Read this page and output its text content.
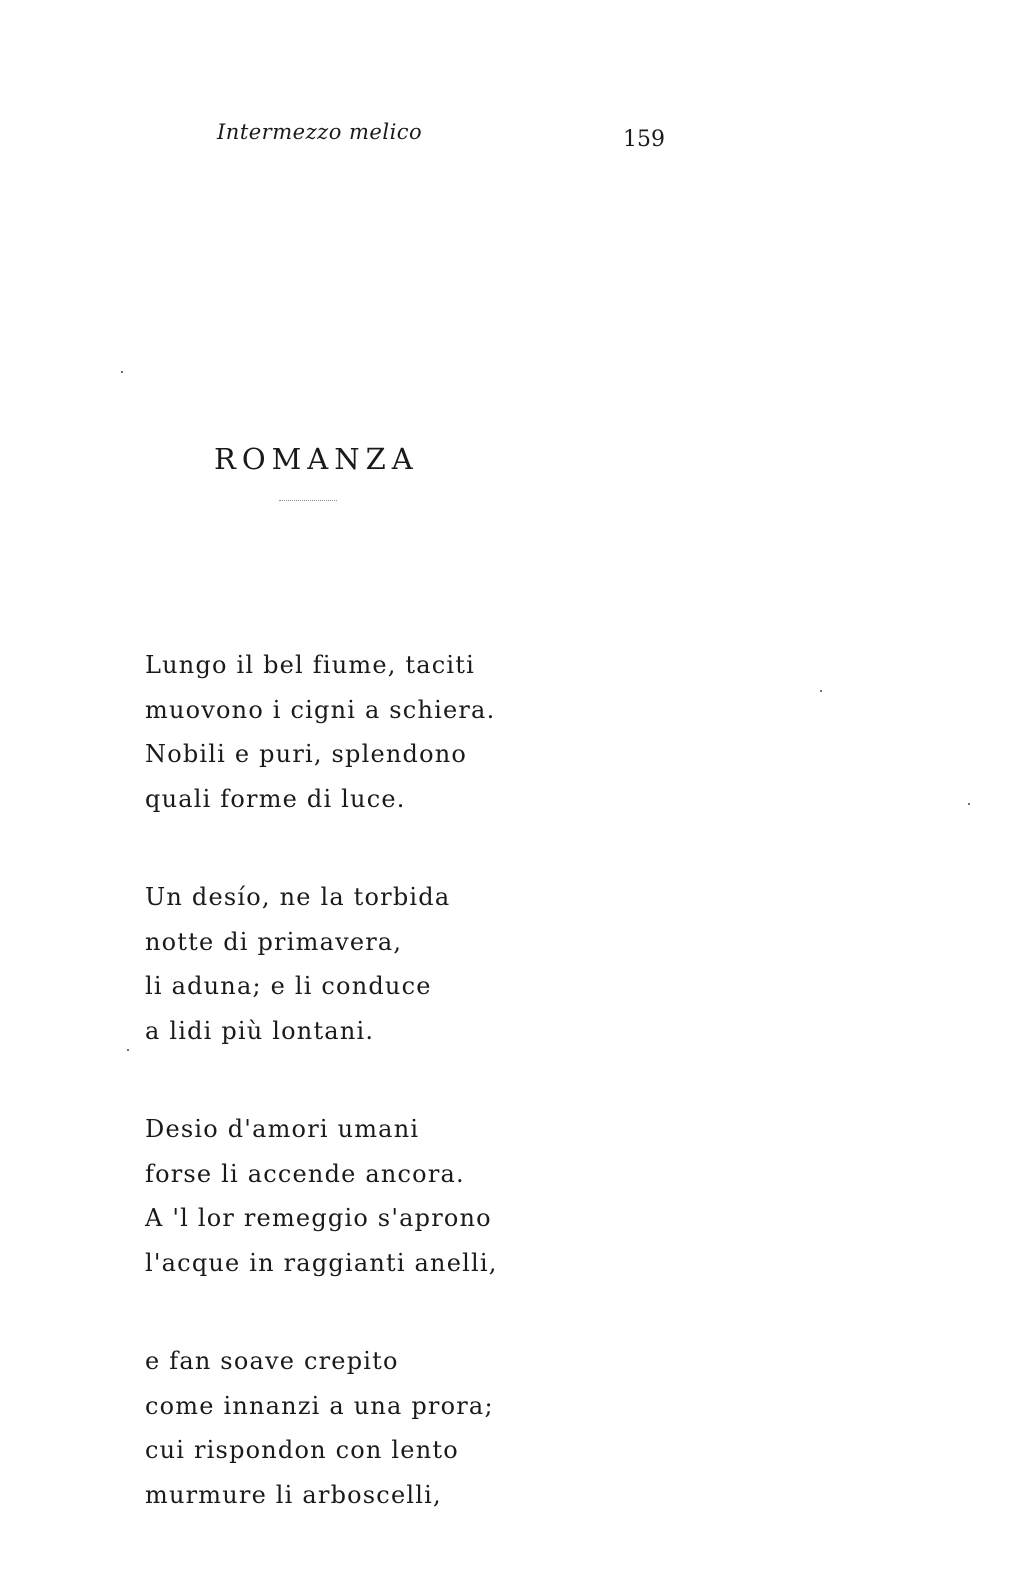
Intermezzo melico	159
ROMANZA

Lungo il bel fiume, taciti
muovono i cigni a schiera.
Nobili e puri, splendono
quali forme di luce.

Un desío, ne la torbida
notte di primavera,
li aduna; e li conduce
a lidi più lontani.

Desio d'amori umani
forse li accende ancora.
A 'l lor remeggio s'aprono
l'acque in raggianti anelli,

e fan soave crepito
come innanzi a una prora;
cui rispondon con lento
murmure li arboscelli,
